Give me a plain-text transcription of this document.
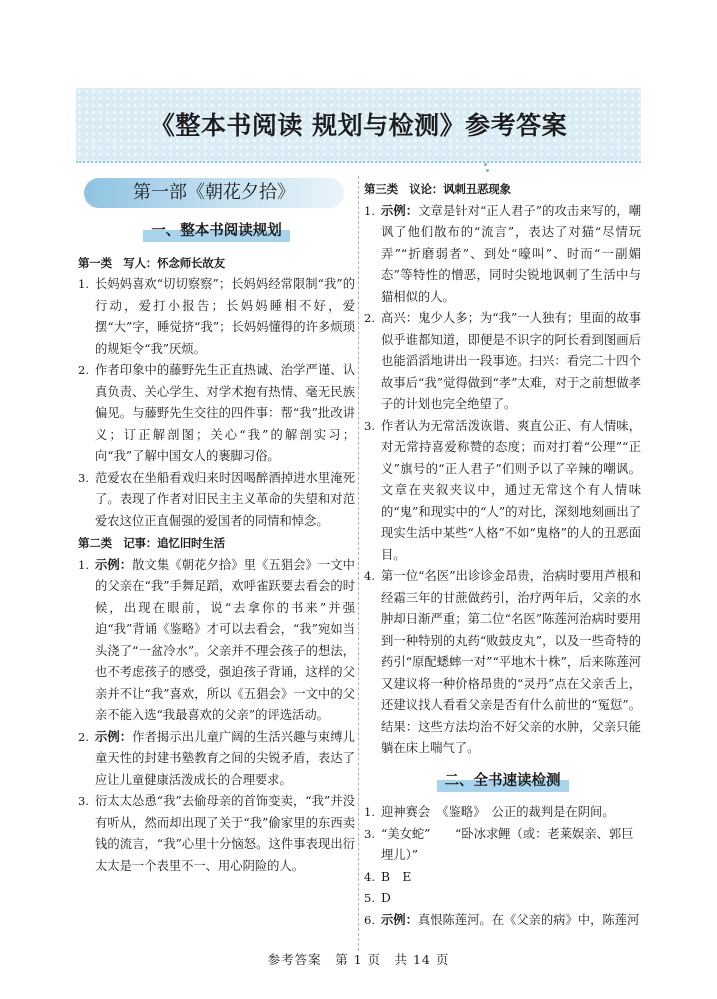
《整本书阅读 规划与检测》参考答案
第一部《朝花夕拾》
一、整本书阅读规划
第一类　写人：怀念师长故友
1. 长妈妈喜欢“切切察察”；长妈妈经常限制“我”的行动，爱打小报告；长妈妈睡相不好，爱摆“大”字，睡觉挤“我”；长妈妈懂得的许多烦琐的规矩令“我”厌烦。
2. 作者印象中的藤野先生正直热诚、治学严谨、认真负责、关心学生、对学术抱有热情、毫无民族偏见。与藤野先生交往的四件事：帮“我”批改讲义；订正解剖图；关心“我”的解剖实习；向“我”了解中国女人的裹脚习俗。
3. 范爱农在坐船看戏归来时因喝醉酒掉进水里淹死了。表现了作者对旧民主主义革命的失望和对范爱农这位正直倔强的爱国者的同情和悼念。
第二类　记事：追忆旧时生活
1. 示例：散文集《朝花夕拾》里《五猖会》一文中的父亲在“我”手舞足蹈，欢呼雀跃要去看会的时候，出现在眼前，说“去拿你的书来”并强迫“我”背诵《鉴略》才可以去看会，“我”宛如当头浇了“一盆冷水”。父亲并不理会孩子的想法，也不考虑孩子的感受，强迫孩子背诵，这样的父亲并不让“我”喜欢，所以《五猖会》一文中的父亲不能入选“我最喜欢的父亲”的评选活动。
2. 示例：作者揭示出儿童广阔的生活兴趣与束缚儿童天性的封建书塾教育之间的尖锐矛盾，表达了应让儿童健康活泼成长的合理要求。
3. 衍太太怂恿“我”去偷母亲的首饰变卖，“我”并没有听从，然而却出现了关于“我”偷家里的东西卖钱的流言，“我”心里十分恼怒。这件事表现出衍太太是一个表里不一、用心阴险的人。
第三类　议论：讽刺丑恶现象
1. 示例：文章是针对“正人君子”的攻击来写的，嘲讽了他们散布的“流言”，表达了对猫“尽情玩弄”“折磨弱者”、到处“嚎叫”、时而“一副媚态”等特性的憎恶，同时尖锐地讽刺了生活中与猫相似的人。
2. 高兴：鬼少人多；为“我”一人独有；里面的故事似乎谁都知道，即便是不识字的阿长看到图画后也能滔滔地讲出一段事迹。扫兴：看完二十四个故事后“我”觉得做到“孝”太难，对于之前想做孝子的计划也完全绝望了。
3. 作者认为无常活泼诙谐、爽直公正、有人情味，对无常持喜爱称赞的态度；而对打着“公理”“正义”旗号的“正人君子”们则予以了辛辣的嘲讽。文章在夹叙夹议中，通过无常这个有人情味的“鬼”和现实中的“人”的对比，深刻地刻画出了现实生活中某些“人格”不如“鬼格”的人的丑恶面目。
4. 第一位“名医”出诊诊金昂贵，治病时要用芦根和经霜三年的甘蔗做药引，治疗两年后，父亲的水肿却日渐严重；第二位“名医”陈莲河治病时要用到一种特别的丸药“败鼓皮丸”，以及一些奇特的药引“原配蟋蟀一对”“平地木十株”，后来陈莲河又建议将一种价格昂贵的“灵丹”点在父亲舌上，还建议找人看看父亲是否有什么前世的“冤愆”。结果：这些方法均治不好父亲的水肿，父亲只能躺在床上喘气了。
二、全书速读检测
1. 迎神赛会　《鉴略》　公正的裁判是在阴间。
3. “美女蛇”　　“卧冰求鲤（或：老莱娱亲、郭巨
埋儿）”
4. B　E
5. D
6. 示例：真恨陈莲河。在《父亲的病》中，陈莲河
参考答案　第 1 页　共 14 页
